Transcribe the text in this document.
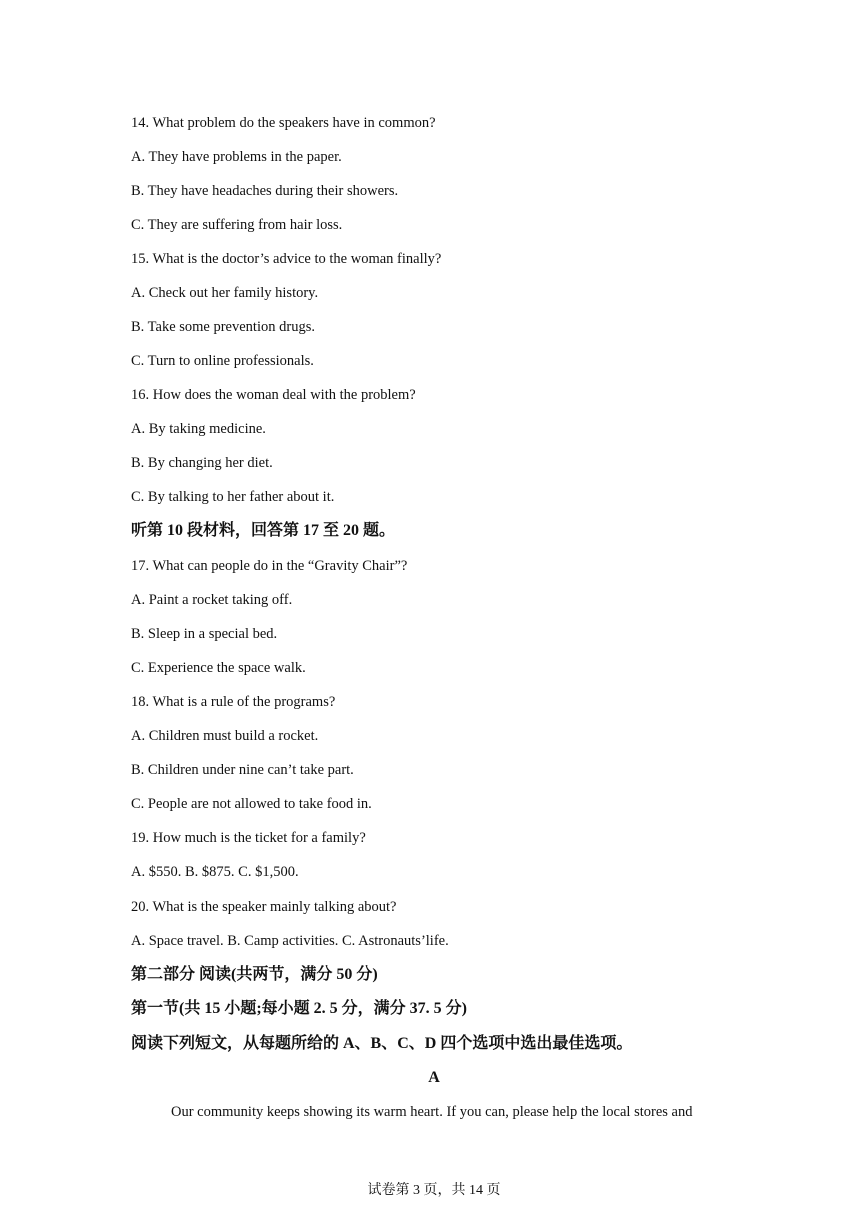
14. What problem do the speakers have in common?
A. They have problems in the paper.
B. They have headaches during their showers.
C. They are suffering from hair loss.
15. What is the doctor’s advice to the woman finally?
A. Check out her family history.
B. Take some prevention drugs.
C. Turn to online professionals.
16. How does the woman deal with the problem?
A. By taking medicine.
B. By changing her diet.
C. By talking to her father about it.
听第 10 段材料，回答第 17 至 20 题。
17. What can people do in the “Gravity Chair”?
A. Paint a rocket taking off.
B. Sleep in a special bed.
C. Experience the space walk.
18. What is a rule of the programs?
A. Children must build a rocket.
B. Children under nine can’t take part.
C. People are not allowed to take food in.
19. How much is the ticket for a family?
A. $550. B. $875. C. $1,500.
20. What is the speaker mainly talking about?
A. Space travel. B. Camp activities. C. Astronauts’life.
第二部分 阅读(共两节，满分 50 分)
第一节(共 15 小题;每小题 2. 5 分，满分 37. 5 分)
阅读下列短文，从每题所给的 A、B、C、D 四个选项中选出最佳选项。
A
Our community keeps showing its warm heart. If you can, please help the local stores and
试卷第 3 页，共 14 页
